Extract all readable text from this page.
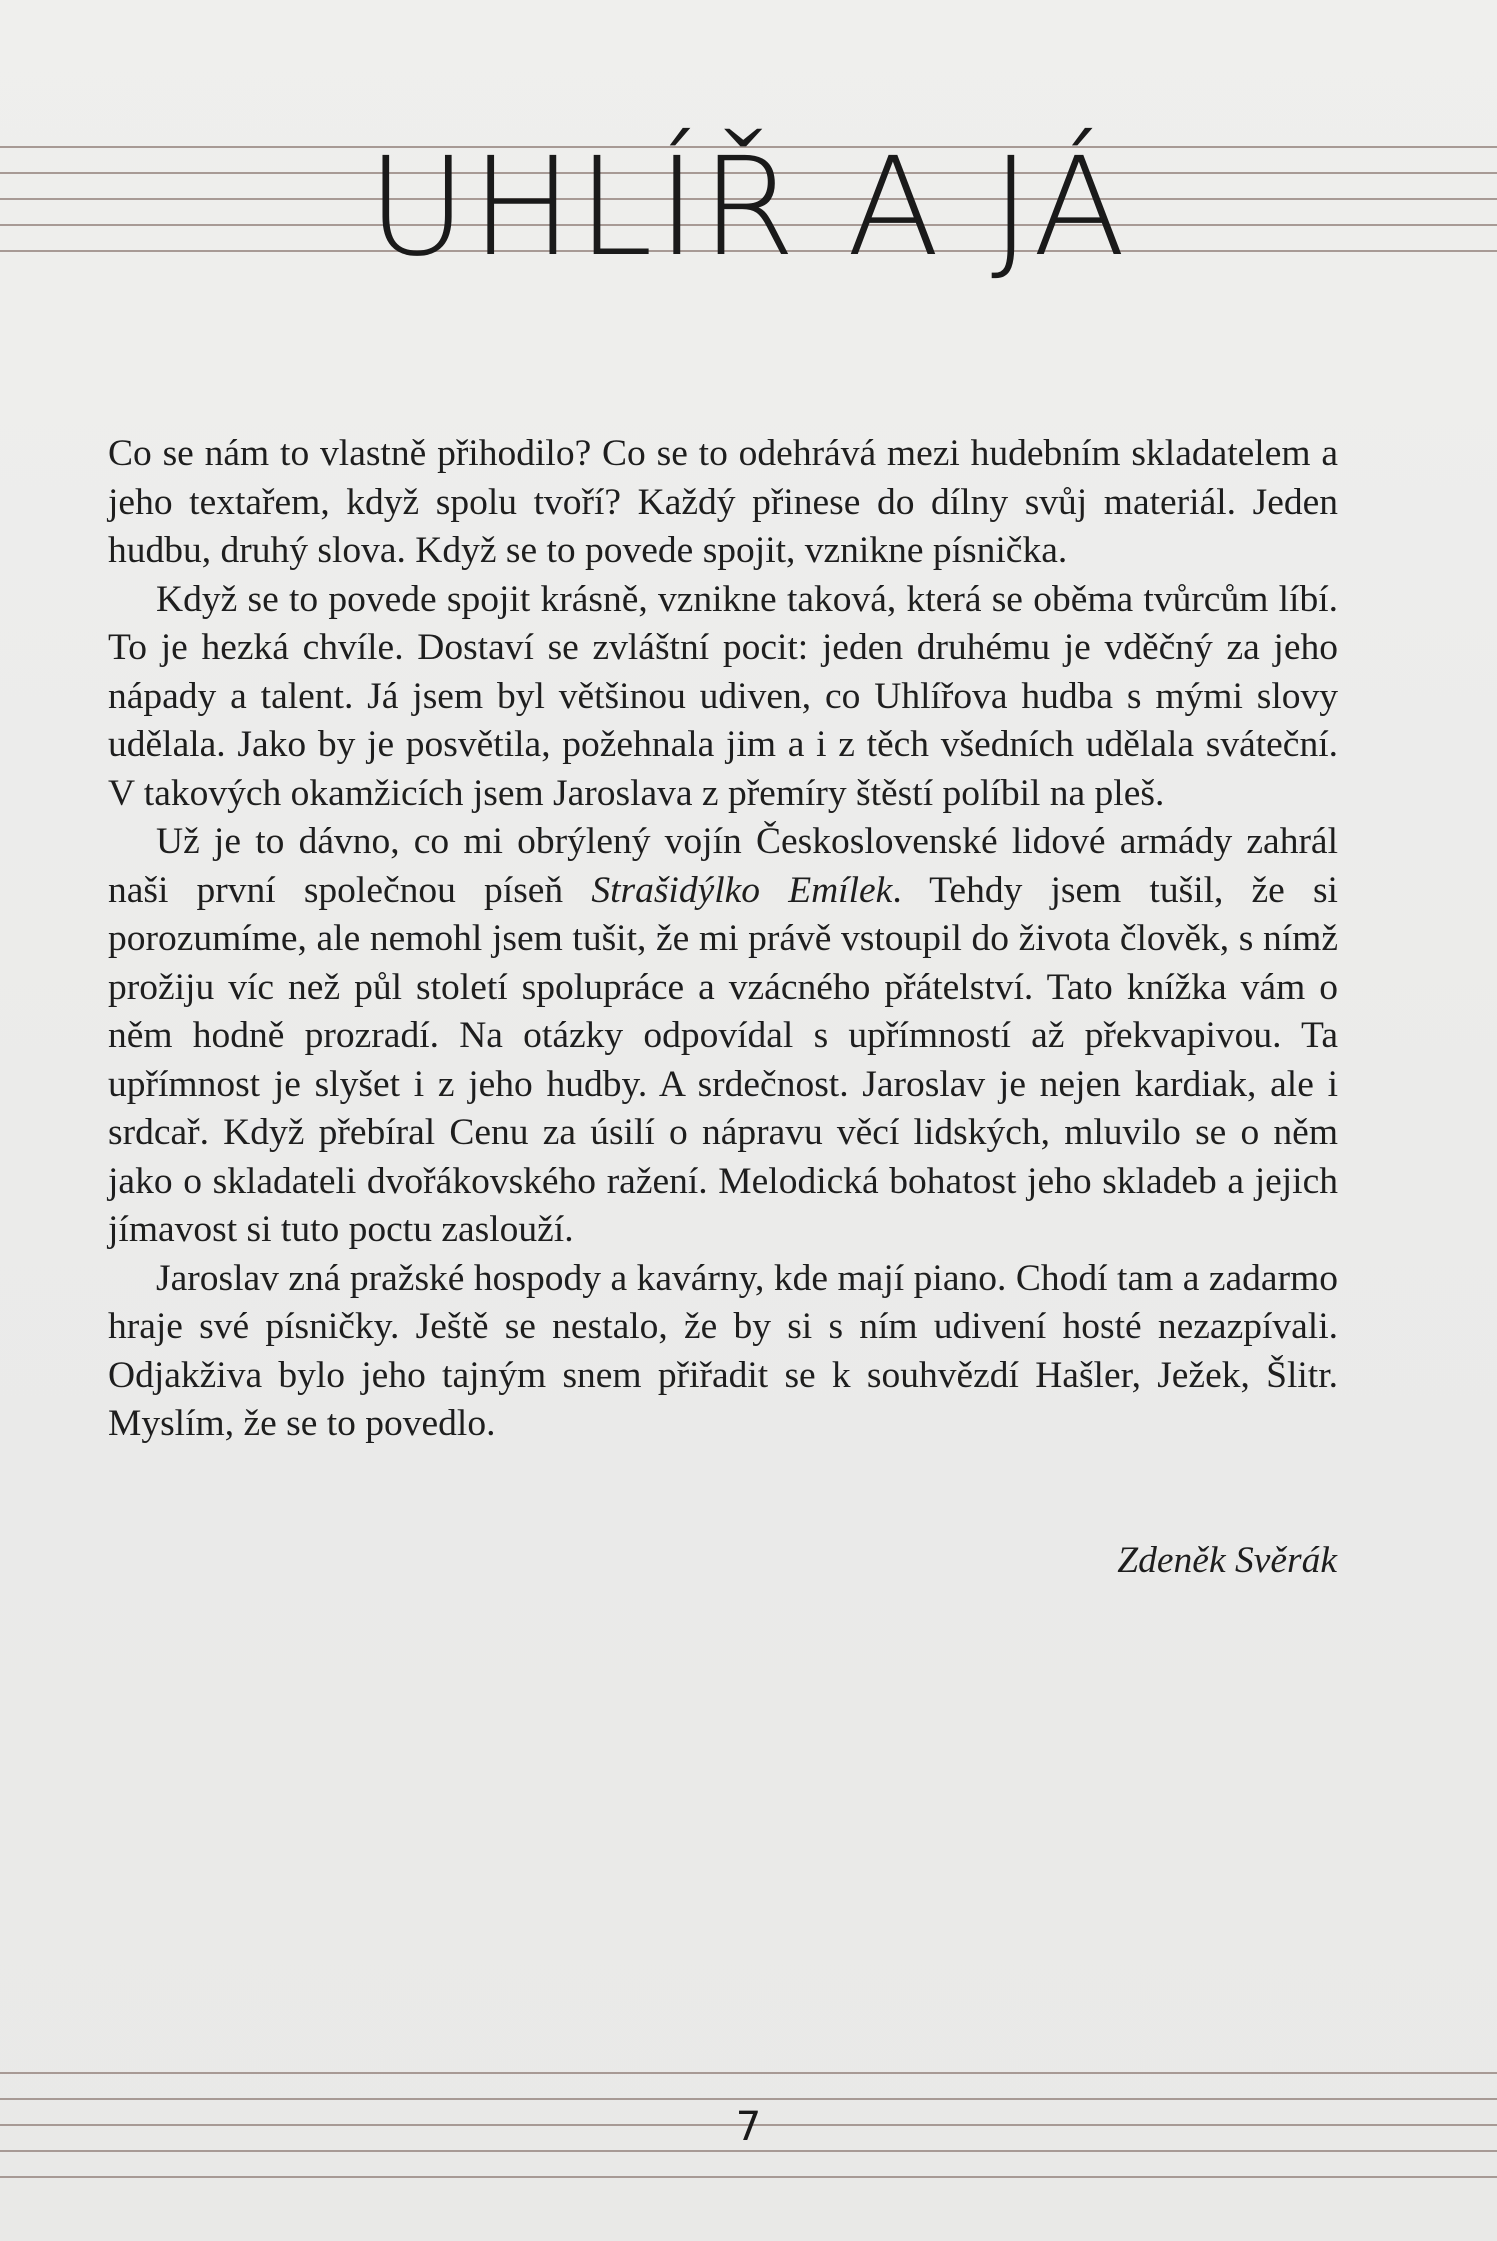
UHLÍŘ A JÁ

Co se nám to vlastně přihodilo? Co se to odehrává mezi hudebním skladatelem a jeho textařem, když spolu tvoří? Každý přinese do dílny svůj materiál. Jeden hudbu, druhý slova. Když se to povede spojit, vznikne písnička.

Když se to povede spojit krásně, vznikne taková, která se oběma tvůrcům líbí. To je hezká chvíle. Dostaví se zvláštní pocit: jeden druhému je vděčný za jeho nápady a talent. Já jsem byl většinou udiven, co Uhlířova hudba s mými slovy udělala. Jako by je posvětila, požehnala jim a i z těch všedních udělala sváteční. V takových okamžicích jsem Jaroslava z přemíry štěstí políbil na pleš.

Už je to dávno, co mi obrýlený vojín Československé lidové armády zahrál naši první společnou píseň Strašidýlko Emílek. Tehdy jsem tušil, že si porozumíme, ale nemohl jsem tušit, že mi právě vstoupil do života člověk, s nímž prožiju víc než půl století spolupráce a vzácného přátelství. Tato knížka vám o něm hodně prozradí. Na otázky odpovídal s upřímností až překvapivou. Ta upřímnost je slyšet i z jeho hudby. A srdečnost. Jaroslav je nejen kardiak, ale i srdcař. Když přebíral Cenu za úsilí o nápravu věcí lidských, mluvilo se o něm jako o skladateli dvořákovského ražení. Melodická bohatost jeho skladeb a jejich jímavost si tuto poctu zaslouží.

Jaroslav zná pražské hospody a kavárny, kde mají piano. Chodí tam a zadarmo hraje své písničky. Ještě se nestalo, že by si s ním udivení hosté nezazpívali. Odjakživa bylo jeho tajným snem přiřadit se k souhvězdí Hašler, Ježek, Šlitr. Myslím, že se to povedlo.

Zdeněk Svěrák
7
